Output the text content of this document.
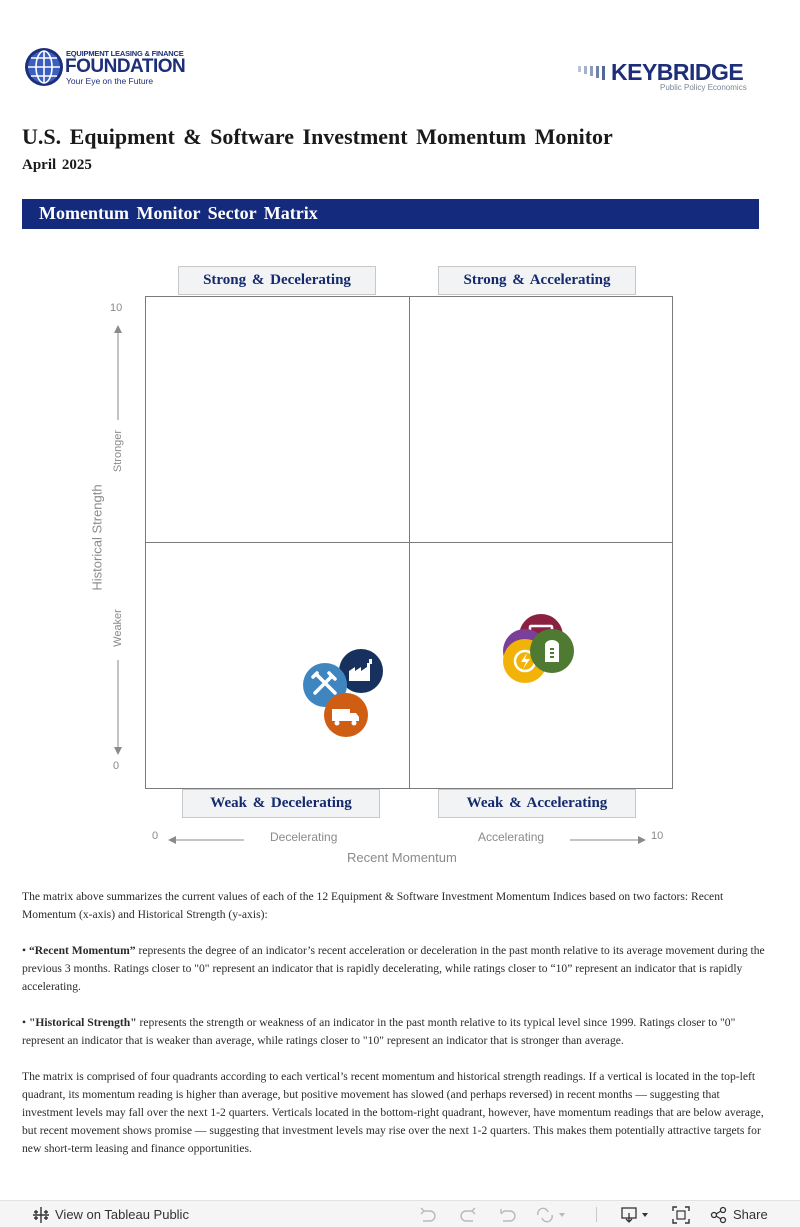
EQUIPMENT LEASING & FINANCE
FOUNDATION
Your Eye on the Future	KEYBRIDGE
Public Policy Economics
U.S. Equipment & Software Investment Momentum Monitor
April 2025
Momentum Monitor Sector Matrix
Strong & Decelerating	Strong & Accelerating
Weak & Decelerating	Weak & Accelerating
10
0
Stronger
Weaker
Historical Strength
0	10
Decelerating	Accelerating
Recent Momentum

The matrix above summarizes the current values of each of the 12 Equipment & Software Investment Momentum Indices based on two factors: Recent Momentum (x-axis) and Historical Strength (y-axis):

• “Recent Momentum” represents the degree of an indicator’s recent acceleration or deceleration in the past month relative to its average movement during the previous 3 months. Ratings closer to "0" represent an indicator that is rapidly decelerating, while ratings closer to “10” represent an indicator that is rapidly accelerating.

• "Historical Strength" represents the strength or weakness of an indicator in the past month relative to its typical level since 1999. Ratings closer to "0" represent an indicator that is weaker than average, while ratings closer to "10" represent an indicator that is stronger than average.

The matrix is comprised of four quadrants according to each vertical’s recent momentum and historical strength readings. If a vertical is located in the top-left quadrant, its momentum reading is higher than average, but positive movement has slowed (and perhaps reversed) in recent months — suggesting that investment levels may fall over the next 1-2 quarters. Verticals located in the bottom-right quadrant, however, have momentum readings that are below average, but recent movement shows promise — suggesting that investment levels may rise over the next 1-2 quarters. This makes them potentially attractive targets for new short-term leasing and finance opportunities.

View on Tableau Public	Share
